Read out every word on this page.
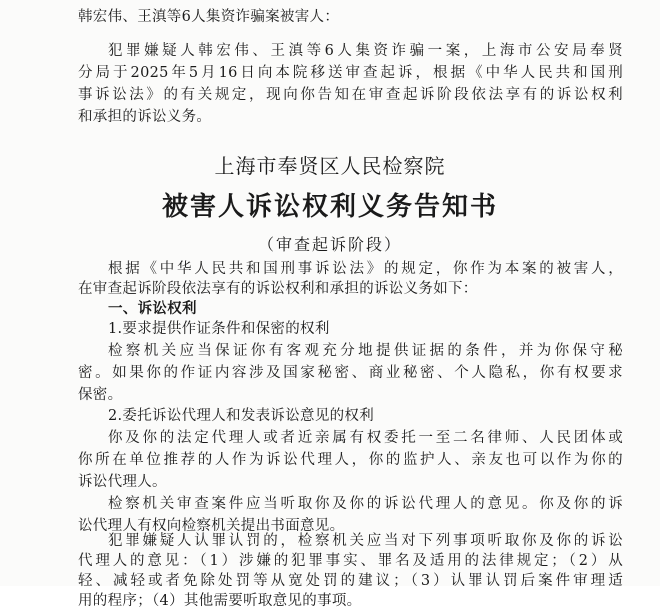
韩宏伟、王滇等6人集资诈骗案被害人：
犯罪嫌疑人韩宏伟、王滇等6人集资诈骗一案，上海市公安局奉贤
分局于2025年5月16日向本院移送审查起诉，根据《中华人民共和国刑
事诉讼法》的有关规定，现向你告知在审查起诉阶段依法享有的诉讼权利
和承担的诉讼义务。
上海市奉贤区人民检察院
被害人诉讼权利义务告知书
（审查起诉阶段）
根据《中华人民共和国刑事诉讼法》的规定，你作为本案的被害人，
在审查起诉阶段依法享有的诉讼权利和承担的诉讼义务如下：
一、诉讼权利
1.要求提供作证条件和保密的权利
检察机关应当保证你有客观充分地提供证据的条件，并为你保守秘
密。如果你的作证内容涉及国家秘密、商业秘密、个人隐私，你有权要求
保密。
2.委托诉讼代理人和发表诉讼意见的权利
你及你的法定代理人或者近亲属有权委托一至二名律师、人民团体或
你所在单位推荐的人作为诉讼代理人，你的监护人、亲友也可以作为你的
诉讼代理人。
检察机关审查案件应当听取你及你的诉讼代理人的意见。你及你的诉
讼代理人有权向检察机关提出书面意见。
犯罪嫌疑人认罪认罚的，检察机关应当对下列事项听取你及你的诉讼
代理人的意见：（1）涉嫌的犯罪事实、罪名及适用的法律规定；（2）从
轻、减轻或者免除处罚等从宽处罚的建议；（3）认罪认罚后案件审理适
用的程序；（4）其他需要听取意见的事项。
